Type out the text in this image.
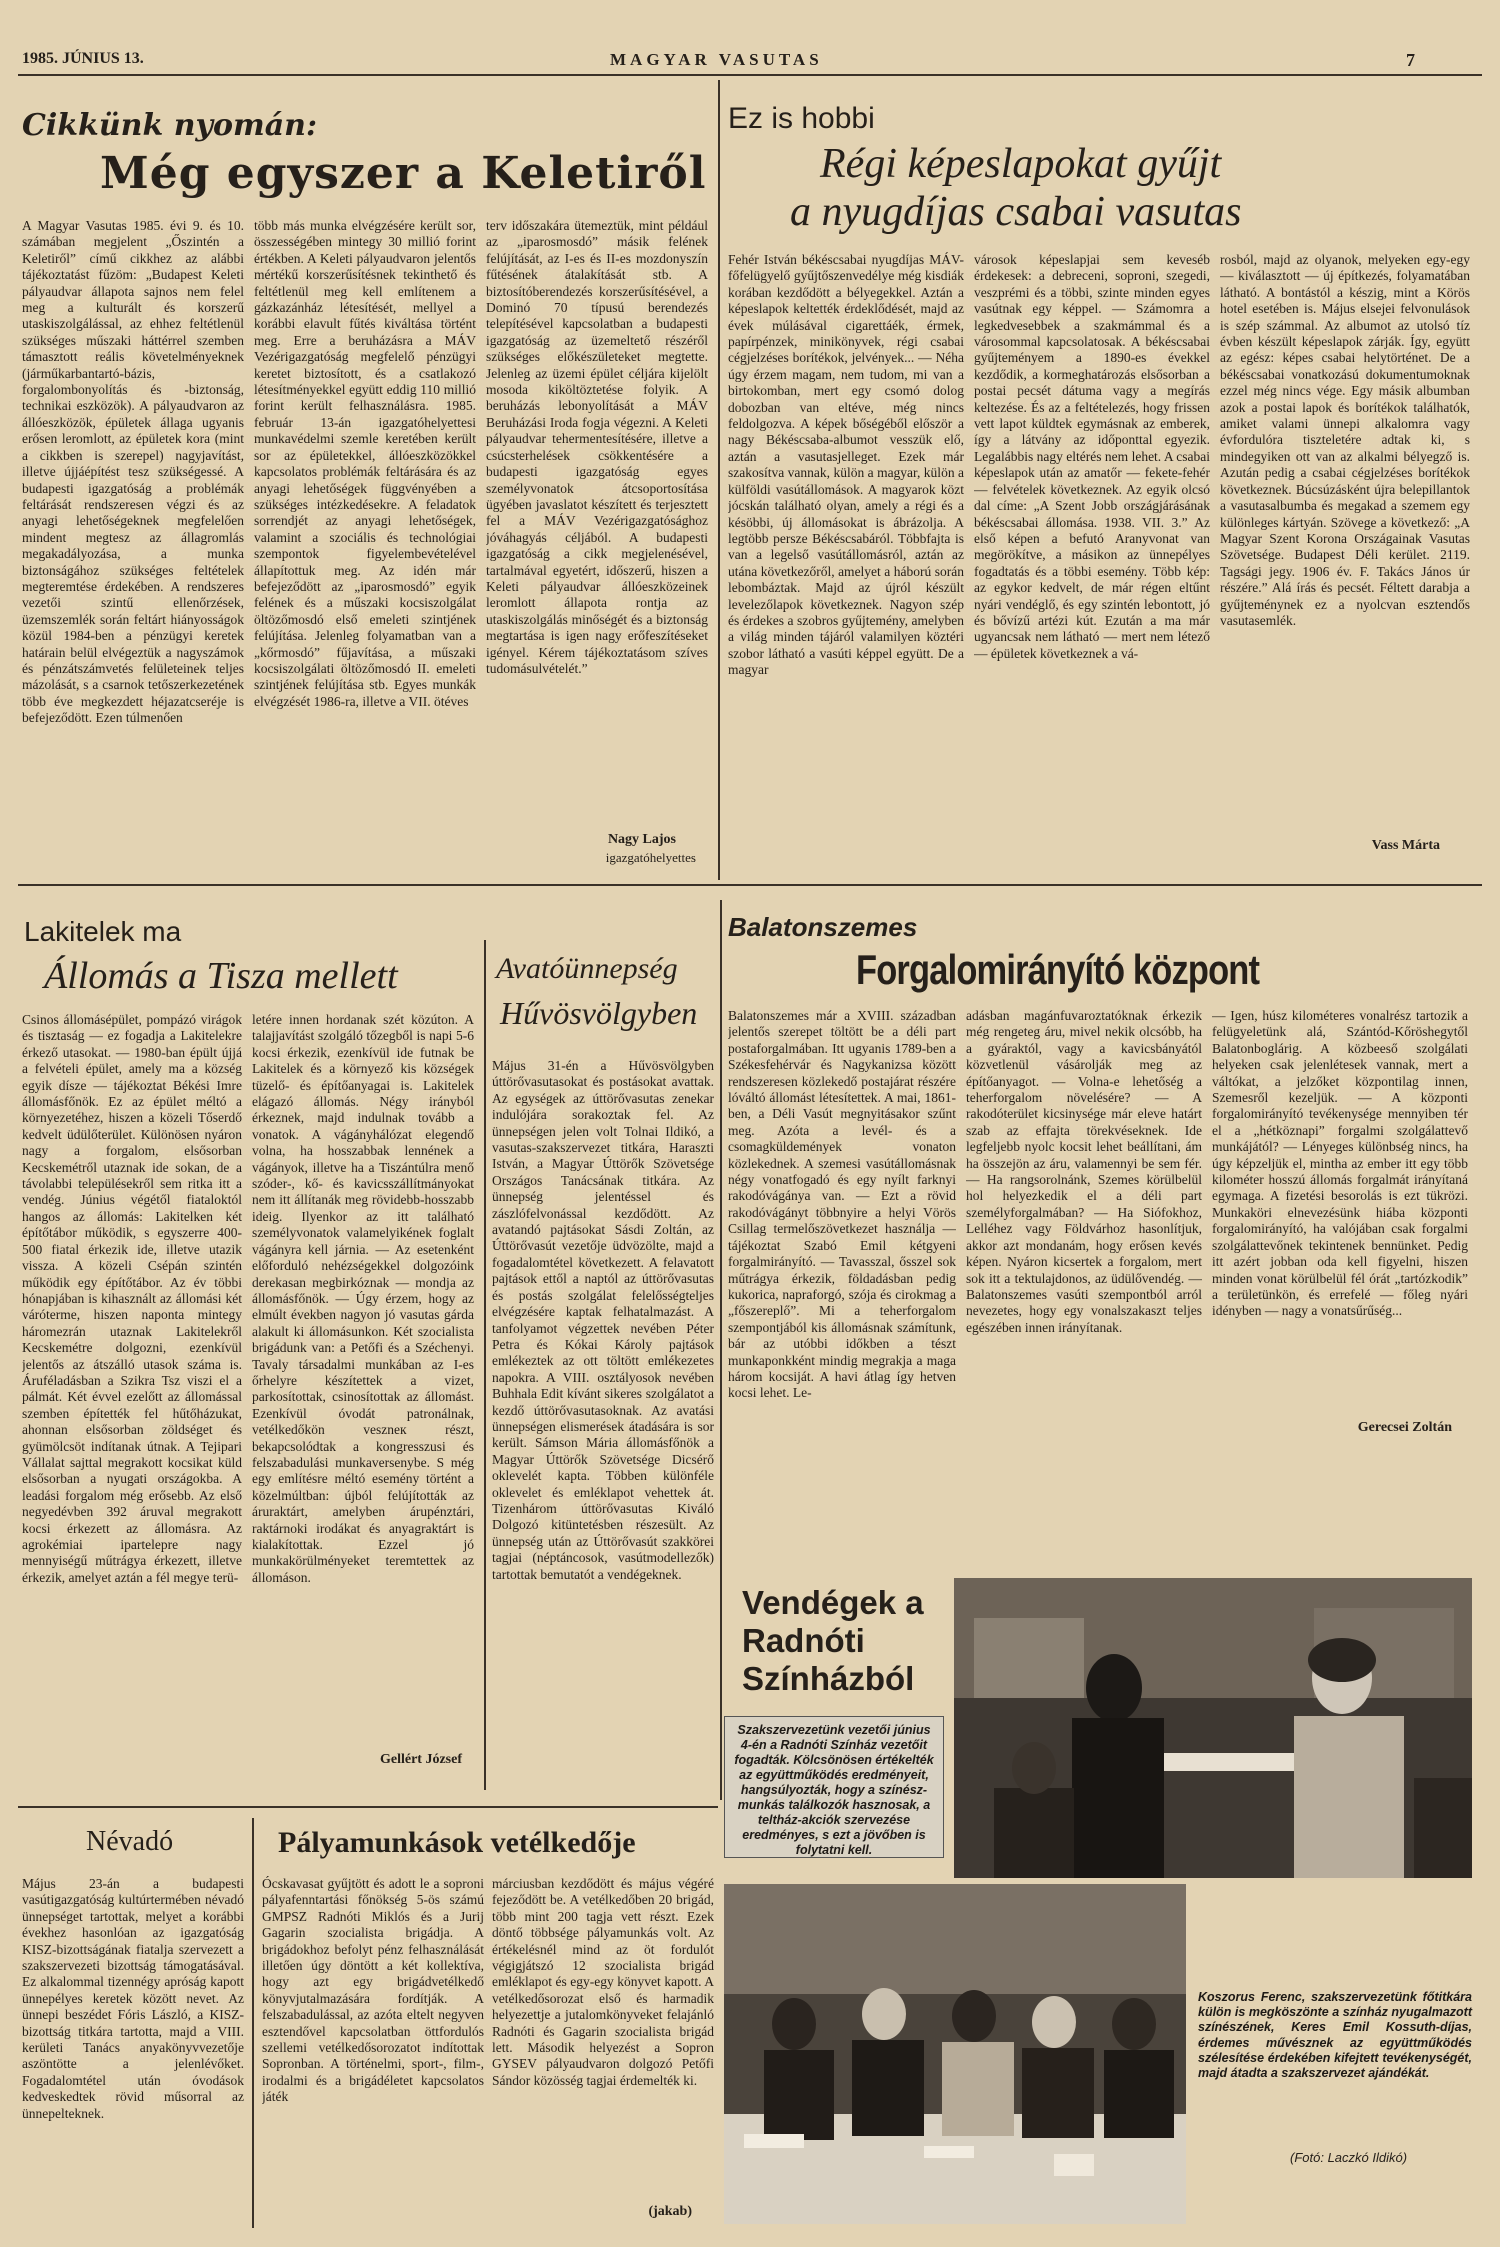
1985. JÚNIUS 13.	MAGYAR VASUTAS	7
Cikkünk nyomán:
Még egyszer a Keletiről
A Magyar Vasutas 1985. évi 9. és 10. számában megjelent „Őszintén a Keletiről” című cikkhez az alábbi tájékoztatást fűzöm: „Budapest Keleti pályaudvar állapota sajnos nem felel meg a kulturált és korszerű utaskiszolgálással, az ehhez feltétlenül szükséges műszaki háttérrel szemben támasztott reális követelményeknek (járműkarbantartó-bázis, forgalombonyolítás és -biztonság, technikai eszközök). A pályaudvaron az állóeszközök, épületek állaga ugyanis erősen leromlott, az épületek kora (mint a cikkben is szerepel) nagyjavítást, illetve újjáépítést tesz szükségessé. A budapesti igazgatóság a problémák feltárását rendszeresen végzi és az anyagi lehetőségeknek megfelelően mindent megtesz az állagromlás megakadályozása, a munka biztonságához szükséges feltételek megteremtése érdekében. A rendszeres vezetői szintű ellenőrzések, üzemszemlék során feltárt hiányosságok közül 1984-ben a pénzügyi keretek határain belül elvégeztük a nagyszámok és pénzátszámvetés felületeinek teljes mázolását, s a csarnok tetőszerkezetének több éve megkezdett héjazatcseréje is befejeződött. Ezen túlmenően
több más munka elvégzésére került sor, összességében mintegy 30 millió forint értékben. A Keleti pályaudvaron jelentős mértékű korszerűsítésnek tekinthető és feltétlenül meg kell említenem a gázkazánház létesítését, mellyel a korábbi elavult fűtés kiváltása történt meg. Erre a beruházásra a MÁV Vezérigazgatóság megfelelő pénzügyi keretet biztosított, és a csatlakozó létesítményekkel együtt eddig 110 millió forint került felhasználásra. 1985. február 13-án igazgatóhelyettesi munkavédelmi szemle keretében került sor az épületekkel, állóeszközökkel kapcsolatos problémák feltárására és az anyagi lehetőségek függvényében a szükséges intézkedésekre. A feladatok sorrendjét az anyagi lehetőségek, valamint a szociális és technológiai szempontok figyelembevételével állapítottuk meg. Az idén már befejeződött az „iparosmosdó” egyik felének és a műszaki kocsiszolgálat öltözőmosdó első emeleti szintjének felújítása. Jelenleg folyamatban van a „kőrmosdó” fűjavítása, a műszaki kocsiszolgálati öltözőmosdó II. emeleti szintjének felújítása stb. Egyes munkák elvégzését 1986-ra, illetve a VII. ötéves
terv időszakára ütemeztük, mint például az „iparosmosdó” másik felének felújítását, az I-es és II-es mozdonyszín fűtésének átalakítását stb. A biztosítóberendezés korszerűsítésével, a Dominó 70 típusú berendezés telepítésével kapcsolatban a budapesti igazgatóság az üzemeltető részéről szükséges előkészületeket megtette. Jelenleg az üzemi épület céljára kijelölt mosoda kiköltöztetése folyik. A beruházás lebonyolítását a MÁV Beruházási Iroda fogja végezni. A Keleti pályaudvar tehermentesítésére, illetve a csúcsterhelések csökkentésére a budapesti igazgatóság egyes személyvonatok átcsoportosítása ügyében javaslatot készített és terjesztett fel a MÁV Vezérigazgatósághoz jóváhagyás céljából. A budapesti igazgatóság a cikk megjelenésével, tartalmával egyetért, időszerű, hiszen a Keleti pályaudvar állóeszközeinek leromlott állapota rontja az utaskiszolgálás minőségét és a biztonság megtartása is igen nagy erőfeszítéseket igényel. Kérem tájékoztatásom szíves tudomásulvételét.”
Nagy Lajos
igazgatóhelyettes
Ez is hobbi
Régi képeslapokat gyűjt
a nyugdíjas csabai vasutas
Fehér István békéscsabai nyugdíjas MÁV-főfelügyelő gyűjtőszenvedélye még kisdiák korában kezdődött a bélyegekkel. Aztán a képeslapok keltették érdeklődését, majd az évek múlásával cigarettáék, érmek, papírpénzek, minikönyvek, régi csabai cégjelzéses borítékok, jelvények... — Néha úgy érzem magam, nem tudom, mi van a birtokomban, mert egy csomó dolog dobozban van eltéve, még nincs feldolgozva. A képek bőségéből először a nagy Békéscsaba-albumot vesszük elő, aztán a vasutasjelleget. Ezek már szakosítva vannak, külön a magyar, külön a külföldi vasútállomások. A magyarok közt jócskán található olyan, amely a régi és a késöbbi, új állomásokat is ábrázolja. A legtöbb persze Békéscsabáról. Többfajta is van a legelső vasútállomásról, aztán az utána következőről, amelyet a háború során lebombáztak. Majd az újról készült levelezőlapok következnek. Nagyon szép és érdekes a szobros gyűjtemény, amelyben a világ minden tájáról valamilyen köztéri szobor látható a vasúti képpel együtt. De a magyar
városok képeslapjai sem keveséb érdekesek: a debreceni, soproni, szegedi, veszprémi és a többi, szinte minden egyes vasútnak egy képpel. — Számomra a legkedvesebbek a szakmámmal és a városommal kapcsolatosak. A békéscsabai gyűjteményem a 1890-es évekkel kezdődik, a kormeghatározás elsősorban a postai pecsét dátuma vagy a megírás keltezése. És az a feltételezés, hogy frissen vett lapot küldtek egymásnak az emberek, így a látvány az időponttal egyezik. Legalábbis nagy eltérés nem lehet. A csabai képeslapok után az amatőr — fekete-fehér — felvételek következnek. Az egyik olcsó dal címe: „A Szent Jobb országjárásának békéscsabai állomása. 1938. VII. 3.” Az első képen a befutó Aranyvonat van megörökítve, a másikon az ünnepélyes fogadtatás és a többi esemény. Több kép: az egykor kedvelt, de már régen eltűnt nyári vendéglő, és egy szintén lebontott, jó és bővízű artézi kút. Ezután a ma már ugyancsak nem látható — mert nem létező — épületek következnek a vá-
rosból, majd az olyanok, melyeken egy-egy — kiválasztott — új építkezés, folyamatában látható. A bontástól a készig, mint a Körös hotel esetében is. Május elsejei felvonulások is szép számmal. Az albumot az utolsó tíz évben készült képeslapok zárják. Így, együtt az egész: képes csabai helytörténet. De a békéscsabai vonatkozású dokumentumoknak ezzel még nincs vége. Egy másik albumban azok a postai lapok és borítékok találhatók, amiket valami ünnepi alkalomra vagy évfordulóra tiszteletére adtak ki, s mindegyiken ott van az alkalmi bélyegző is. Azután pedig a csabai cégjelzéses borítékok következnek. Búcsúzásként újra belepillantok a vasutasalbumba és megakad a szemem egy különleges kártyán. Szövege a következő: „A Magyar Szent Korona Országainak Vasutas Szövetsége. Budapest Déli kerület. 2119. Tagsági jegy. 1906 év. F. Takács János úr részére.” Alá írás és pecsét. Féltett darabja a gyűjteménynek ez a nyolcvan esztendős vasutasemlék.
Vass Márta
Lakitelek ma
Állomás a Tisza mellett
Csinos állomásépület, pompázó virágok és tisztaság — ez fogadja a Lakitelekre érkező utasokat. — 1980-ban épült újjá a felvételi épület, amely ma a község egyik dísze — tájékoztat Békési Imre állomásfőnök. Ez az épület méltó a környezetéhez, hiszen a közeli Tőserdő kedvelt üdülőterület. Különösen nyáron nagy a forgalom, elsősorban Kecskemétről utaznak ide sokan, de a távolabbi településekről sem ritka itt a vendég. Június végétől fiataloktól hangos az állomás: Lakitelken két építőtábor működik, s egyszerre 400-500 fiatal érkezik ide, illetve utazik vissza. A közeli Csépán szintén működik egy építőtábor. Az év többi hónapjában is kihasznált az állomási két váróterme, hiszen naponta mintegy háromezrán utaznak Lakitelekről Kecskemétre dolgozni, ezenkívül jelentős az átszálló utasok száma is. Áruféladásban a Szikra Tsz viszi el a pálmát. Két évvel ezelőtt az állomással szemben építették fel hűtőházukat, ahonnan elsősorban zöldséget és gyümölcsöt indítanak útnak. A Tejipari Vállalat sajttal megrakott kocsikat küld elsősorban a nyugati országokba. A leadási forgalom még erősebb. Az első negyedévben 392 áruval megrakott kocsi érkezett az állomásra. Az agrokémiai ipartelepre nagy mennyiségű műtrágya érkezett, illetve érkezik, amelyet aztán a fél megye terü-
letére innen hordanak szét közúton. A talajjavítást szolgáló tőzegből is napi 5-6 kocsi érkezik, ezenkívül ide futnak be Lakitelek és a környező kis községek tüzelő- és építőanyagai is. Lakitelek elágazó állomás. Négy irányból érkeznek, majd indulnak tovább a vonatok. A vágányhálózat elegendő volna, ha hosszabbak lennének a vágányok, illetve ha a Tiszántúlra menő szóder-, kő- és kavicsszállítmányokat nem itt állítanák meg rövidebb-hosszabb ideig. Ilyenkor az itt található személyvonatok valamelyikének foglalt vágányra kell járnia. — Az esetenként előforduló nehézségekkel dolgozóink derekasan megbirkóznak — mondja az állomásfőnök. — Úgy érzem, hogy az elmúlt években nagyon jó vasutas gárda alakult ki állomásunkon. Két szocialista brigádunk van: a Petőfi és a Széchenyi. Tavaly társadalmi munkában az I-es őrhelyre készítettek a vizet, parkosítottak, csinosítottak az állomást. Ezenkívül óvodát patronálnak, vetélkedőkön veszneк részt, bekapcsolódtak a kongresszusi és felszabadulási munkaversenybe. S még egy említésre méltó esemény történt a közelmúltban: újból felújították az áruraktárt, amelyben árupénztári, raktárnoki irodákat és anyagraktárt is kialakítottak. Ezzel jó munkakörülményeket teremtettek az állomáson.
Gellért József
Avatóünnepség
Hűvösvölgyben
Május 31-én a Hűvösvölgyben úttörővasutasokat és postásokat avattak. Az egységek az úttörővasutas zenekar indulójára sorakoztak fel. Az ünnepségen jelen volt Tolnai Ildikó, a vasutas-szakszervezet titkára, Haraszti István, a Magyar Úttörők Szövetsége Országos Tanácsának titkára. Az ünnepség jelentéssel és zászlófelvonással kezdődött. Az avatandó pajtásokat Sásdi Zoltán, az Úttörővasút vezetője üdvözölte, majd a fogadalomtétel következett. A felavatott pajtások ettől a naptól az úttörővasutas és postás szolgálat felelősségteljes elvégzésére kaptak felhatalmazást. A tanfolyamot végzettek nevében Péter Petra és Kókai Károly pajtások emlékeztek az ott töltött emlékezetes napokra. A VIII. osztályosok nevében Buhhala Edit kívánt sikeres szolgálatot a kezdő úttörővasutasoknak. Az avatási ünnepségen elismerések átadására is sor került. Sámson Mária állomásfőnök a Magyar Úttörők Szövetsége Dicsérő oklevelét kapta. Többen különféle oklevelet és emléklapot vehettek át. Tizenhárom úttörővasutas Kiváló Dolgozó kitüntetésben részesült. Az ünnepség után az Úttörővasút szakkörei tagjai (néptáncosok, vasútmodellezők) tartottak bemutatót a vendégeknek.
Balatonszemes
Forgalomirányító központ
Balatonszemes már a XVIII. században jelentős szerepet töltött be a déli part postaforgalmában. Itt ugyanis 1789-ben a Székesfehérvár és Nagykanizsa között rendszeresen közlekedő postajárat részére lóváltó állomást létesítettek. A mai, 1861-ben, a Déli Vasút megnyitásakor szűnt meg. Azóta a levél- és a csomagküldemények vonaton közlekednek. A szemesi vasútállomásnak négy vonatfogadó és egy nyílt farknyi rakodóvágánya van. — Ezt a rövid rakodóvágányt többnyire a helyi Vörös Csillag termelőszövetkezet használja — tájékoztat Szabó Emil kétgyeni forgalmirányító. — Tavasszal, ősszel sok műtrágya érkezik, földadásban pedig kukorica, napraforgó, szója és cirokmag a „főszereplő”. Mi a teherforgalom szempontjából kis állomásnak számítunk, bár az utóbbi időkben a tészt munkaponkként mindig megrakja a maga három kocsiját. A havi átlag így hetven kocsi lehet. Le-
adásban magánfuvaroztatóknak érkezik még rengeteg áru, mivel nekik olcsóbb, ha a gyáraktól, vagy a kavicsbányától közvetlenül vásárolják meg az építőanyagot. — Volna-e lehetőség a teherforgalom növelésére? — A rakodóterület kicsinysége már eleve határt szab az effajta törekvéseknek. Ide legfeljebb nyolc kocsit lehet beállítani, ám ha összejön az áru, valamennyi be sem fér. — Ha rangsorolnánk, Szemes körülbelül hol helyezkedik el a déli part személyforgalmában? — Ha Siófokhoz, Lelléhez vagy Földvárhoz hasonlítjuk, akkor azt mondanám, hogy erősen kevés képen. Nyáron kicsertek a forgalom, mert sok itt a tektulajdonos, az üdülővendég. — Balatonszemes vasúti szempontból arról nevezetes, hogy egy vonalszakaszt teljes egészében innen irányítanak.
— Igen, húsz kilométeres vonalrész tartozik a felügyeletünk alá, Szántód-Kőröshegytől Balatonboglárig. A közbeeső szolgálati helyeken csak jelenlétesek vannak, mert a váltókat, a jelzőket központilag innen, Szemesről kezeljük. — A központi forgalomirányító tevékenysége mennyiben tér el a „hétköznapi” forgalmi szolgálattevő munkájától? — Lényeges különbség nincs, ha úgy képzeljük el, mintha az ember itt egy több kilométer hosszú állomás forgalmát irányítaná egymaga. A fizetési besorolás is ezt tükrözi. Munkaköri elnevezésünk hiába központi forgalomirányító, ha valójában csak forgalmi szolgálattevőnek tekintenek bennünket. Pedig itt azért jobban oda kell figyelni, hiszen minden vonat körülbelül fél órát „tartózkodik” a területünkön, és errefelé — főleg nyári idényben — nagy a vonatsűrűség...
Gerecsei Zoltán
Vendégek a Radnóti Színházból
Szakszervezetünk vezetői június 4-én a Radnóti Színház vezetőit fogadták. Kölcsönösen értékelték az együttműködés eredményeit, hangsúlyozták, hogy a színész-munkás találkozók hasznosak, a teltház-akciók szervezése eredményes, s ezt a jövőben is folytatni kell.
Koszorus Ferenc, szakszervezetünk főtitkára külön is megköszönte a színház nyugalmazott színészének, Keres Emil Kossuth-díjas, érdemes művésznek az együttműködés szélesítése érdekében kifejtett tevékenységét, majd átadta a szakszervezet ajándékát.
(Fotó: Laczkó Ildikó)
Névadó
Május 23-án a budapesti vasútigazgatóság kultúrtermében névadó ünnepséget tartottak, melyet a korábbi évekhez hasonlóan az igazgatóság KISZ-bizottságának fiatalja szervezett a szakszervezeti bizottság támogatásával. Ez alkalommal tizennégy apróság kapott ünnepélyes keretek között nevet. Az ünnepi beszédet Fóris László, a KISZ-bizottság titkára tartotta, majd a VIII. kerületi Tanács anyakönyvvezetője aszöntötte a jelenlévőket. Fogadalomtétel után óvodások kedveskedtek rövid műsorral az ünnepelteknek.
Pályamunkások vetélkedője
Ócskavasat gyűjtött és adott le a soproni pályafenntartási főnökség 5-ös számú GMPSZ Radnóti Miklós és a Jurij Gagarin szocialista brigádja. A brigádokhoz befolyt pénz felhasználását illetően úgy döntött a két kollektíva, hogy azt egy brigádvetélkedő könyvjutalmazására fordítják. A felszabadulással, az azóta eltelt negyven esztendővel kapcsolatban öttfordulós szellemi vetélkedősorozatot indítottak Sopronban. A történelmi, sport-, film-, irodalmi és a brigádéletet kapcsolatos játék
márciusban kezdődött és május végéré fejeződött be. A vetélkedőben 20 brigád, több mint 200 tagja vett részt. Ezek döntő többsége pályamunkás volt. Az értékelésnél mind az öt fordulót végigjátszó 12 szocialista brigád emléklapot és egy-egy könyvet kapott. A vetélkedősorozat első és harmadik helyezettje a jutalomkönyveket felajánló Radnóti és Gagarin szocialista brigád lett. Második helyezést a Sopron GYSEV pályaudvaron dolgozó Petőfi Sándor közösség tagjai érdemelték ki.
(jakab)
